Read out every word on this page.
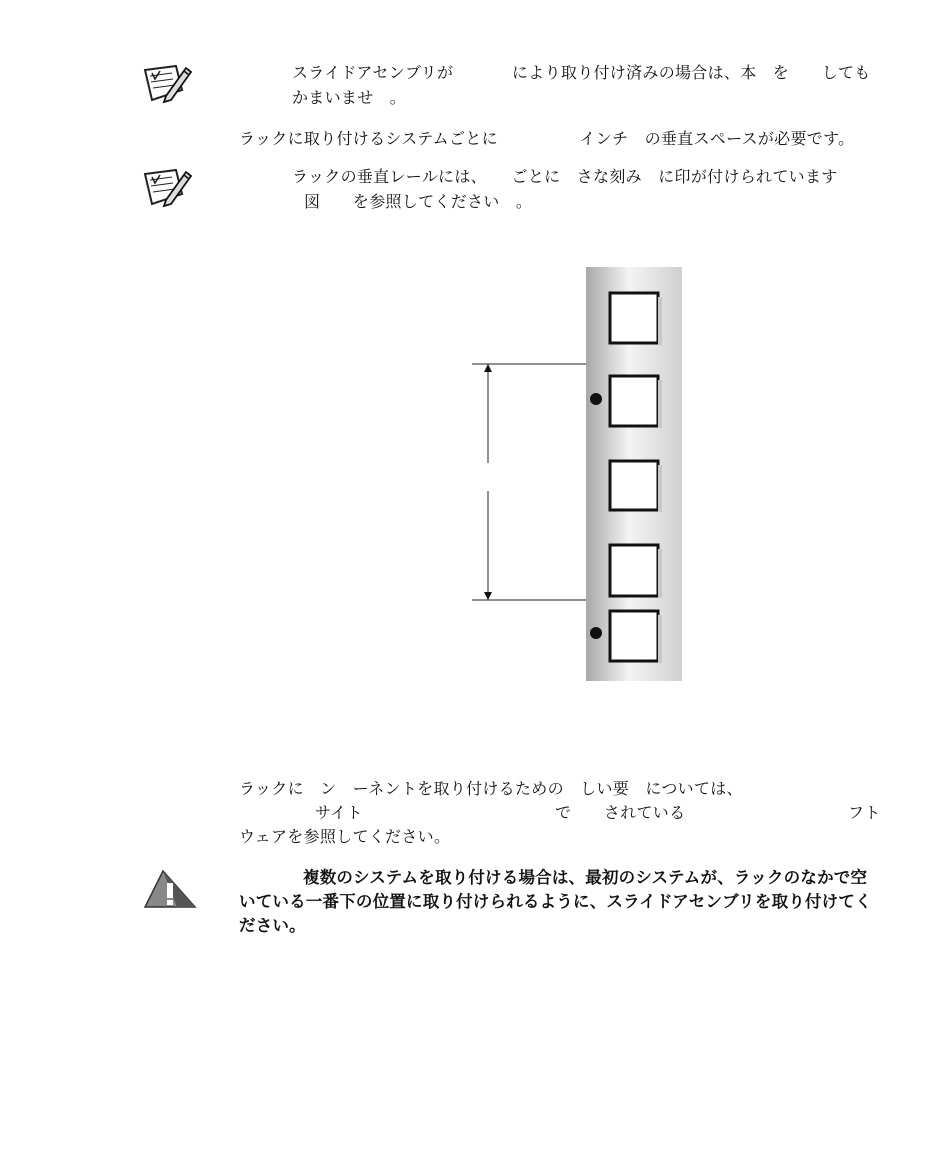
スライドアセンブリが	により取り付け済みの場合は、本　を　　しても
かまいませ　。
ラックに取り付けるシステムごとに　　　　　インチ　の垂直スペースが必要です。
ラックの垂直レールには、　　ごとに　さな刻み　に印が付けられています
図　　を参照してください　。
ラックに　ン　ーネントを取り付けるための　しい要　については、
サイト	で　　されている	フト
ウェアを参照してください。
複数のシステムを取り付ける場合は、最初のシステムが、ラックのなかで空
いている一番下の位置に取り付けられるように、スライドアセンブリを取り付けてく
ださい。
